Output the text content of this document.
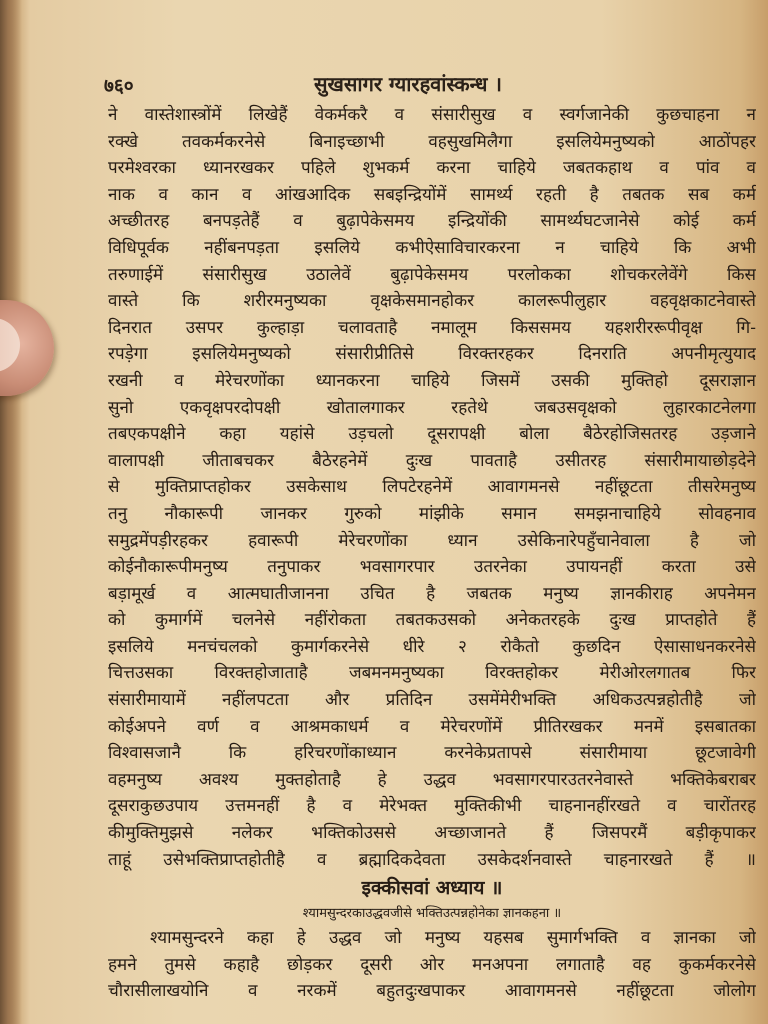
७६०	सुखसागर ग्यारहवांस्कन्ध ।
ने वास्तेशास्त्रोंमें लिखेहैं वेकर्मकरै व संसारीसुख व स्वर्गजानेकी कुछचाहना न
रक्खे तवकर्मकरनेसे बिनाइच्छाभी वहसुखमिलैगा इसलियेमनुष्यको आठोंपहर
परमेश्वरका ध्यानरखकर पहिले शुभकर्म करना चाहिये जबतकहाथ व पांव व
नाक व कान व आंखआदिक सबइन्द्रियोंमें सामर्थ्य रहती है तबतक सब कर्म
अच्छीतरह बनपड़तेहैं व बुढ़ापेकेसमय इन्द्रियोंकी सामर्थ्यघटजानेसे कोई कर्म
विधिपूर्वक नहींबनपड़ता इसलिये कभीऐसाविचारकरना न चाहिये कि अभी
तरुणाईमें संसारीसुख उठालेवें बुढ़ापेकेसमय परलोकका शोचकरलेवेंगे किस
वास्ते कि शरीरमनुष्यका वृक्षकेसमानहोकर कालरूपीलुहार वहवृक्षकाटनेवास्ते
दिनरात उसपर कुल्हाड़ा चलावताहै नमालूम किससमय यहशरीररूपीवृक्ष गि-
रपड़ेगा इसलियेमनुष्यको संसारीप्रीतिसे विरक्तरहकर दिनराति अपनीमृत्युयाद
रखनी व मेरेचरणोंका ध्यानकरना चाहिये जिसमें उसकी मुक्तिहो दूसराज्ञान
सुनो एकवृक्षपरदोपक्षी खोतालगाकर रहतेथे जबउसवृक्षको लुहारकाटनेलगा
तबएकपक्षीने कहा यहांसे उड़चलो दूसरापक्षी बोला बैठेरहोजिसतरह उड़जाने
वालापक्षी जीताबचकर बैठेरहनेमें दुःख पावताहै उसीतरह संसारीमायाछोड़देने
से मुक्तिप्राप्तहोकर उसकेसाथ लिपटेरहनेमें आवागमनसे नहींछूटता तीसरेमनुष्य
तनु नौकारूपी जानकर गुरुको मांझीके समान समझनाचाहिये सोवहनाव
समुद्रमेंपड़ीरहकर हवारूपी मेरेचरणोंका ध्यान उसेकिनारेपहुँचानेवाला है जो
कोईनौकारूपीमनुष्य तनुपाकर भवसागरपार उतरनेका उपायनहीं करता उसे
बड़ामूर्ख व आत्मघातीजानना उचित है जबतक मनुष्य ज्ञानकीराह अपनेमन
को कुमार्गमें चलनेसे नहींरोकता तबतकउसको अनेकतरहके दुःख प्राप्तहोते हैं
इसलिये मनचंचलको कुमार्गकरनेसे धीरे २ रोकैतो कुछदिन ऐसासाधनकरनेसे
चित्तउसका विरक्तहोजाताहै जबमनमनुष्यका विरक्तहोकर मेरीओरलगातब फिर
संसारीमायामें नहींलपटता और प्रतिदिन उसमेंमेरीभक्ति अधिकउत्पन्नहोतीहै जो
कोईअपने वर्ण व आश्रमकाधर्म व मेरेचरणोंमें प्रीतिरखकर मनमें इसबातका
विश्वासजानै कि हरिचरणोंकाध्यान करनेकेप्रतापसे संसारीमाया छूटजावेगी
वहमनुष्य अवश्य मुक्तहोताहै हे उद्धव भवसागरपारउतरनेवास्ते भक्तिकेबराबर
दूसराकुछउपाय उत्तमनहीं है व मेरेभक्त मुक्तिकीभी चाहनानहींरखते व चारोंतरह
कीमुक्तिमुझसे नलेकर भक्तिकोउससे अच्छाजानते हैं जिसपरमैं बड़ीकृपाकर
ताहूं उसेभक्तिप्राप्तहोतीहै व ब्रह्मादिकदेवता उसकेदर्शनवास्ते चाहनारखते हैं ॥
इक्कीसवां अध्याय ॥
श्यामसुन्दरकाउद्धवजीसे भक्तिउत्पन्नहोनेका ज्ञानकहना ॥
श्यामसुन्दरने कहा हे उद्धव जो मनुष्य यहसब सुमार्गभक्ति व ज्ञानका जो
हमने तुमसे कहाहै छोड़कर दूसरी ओर मनअपना लगाताहै वह कुकर्मकरनेसे
चौरासीलाखयोनि व नरकमें बहुतदुःखपाकर आवागमनसे नहींछूटता जोलोग
